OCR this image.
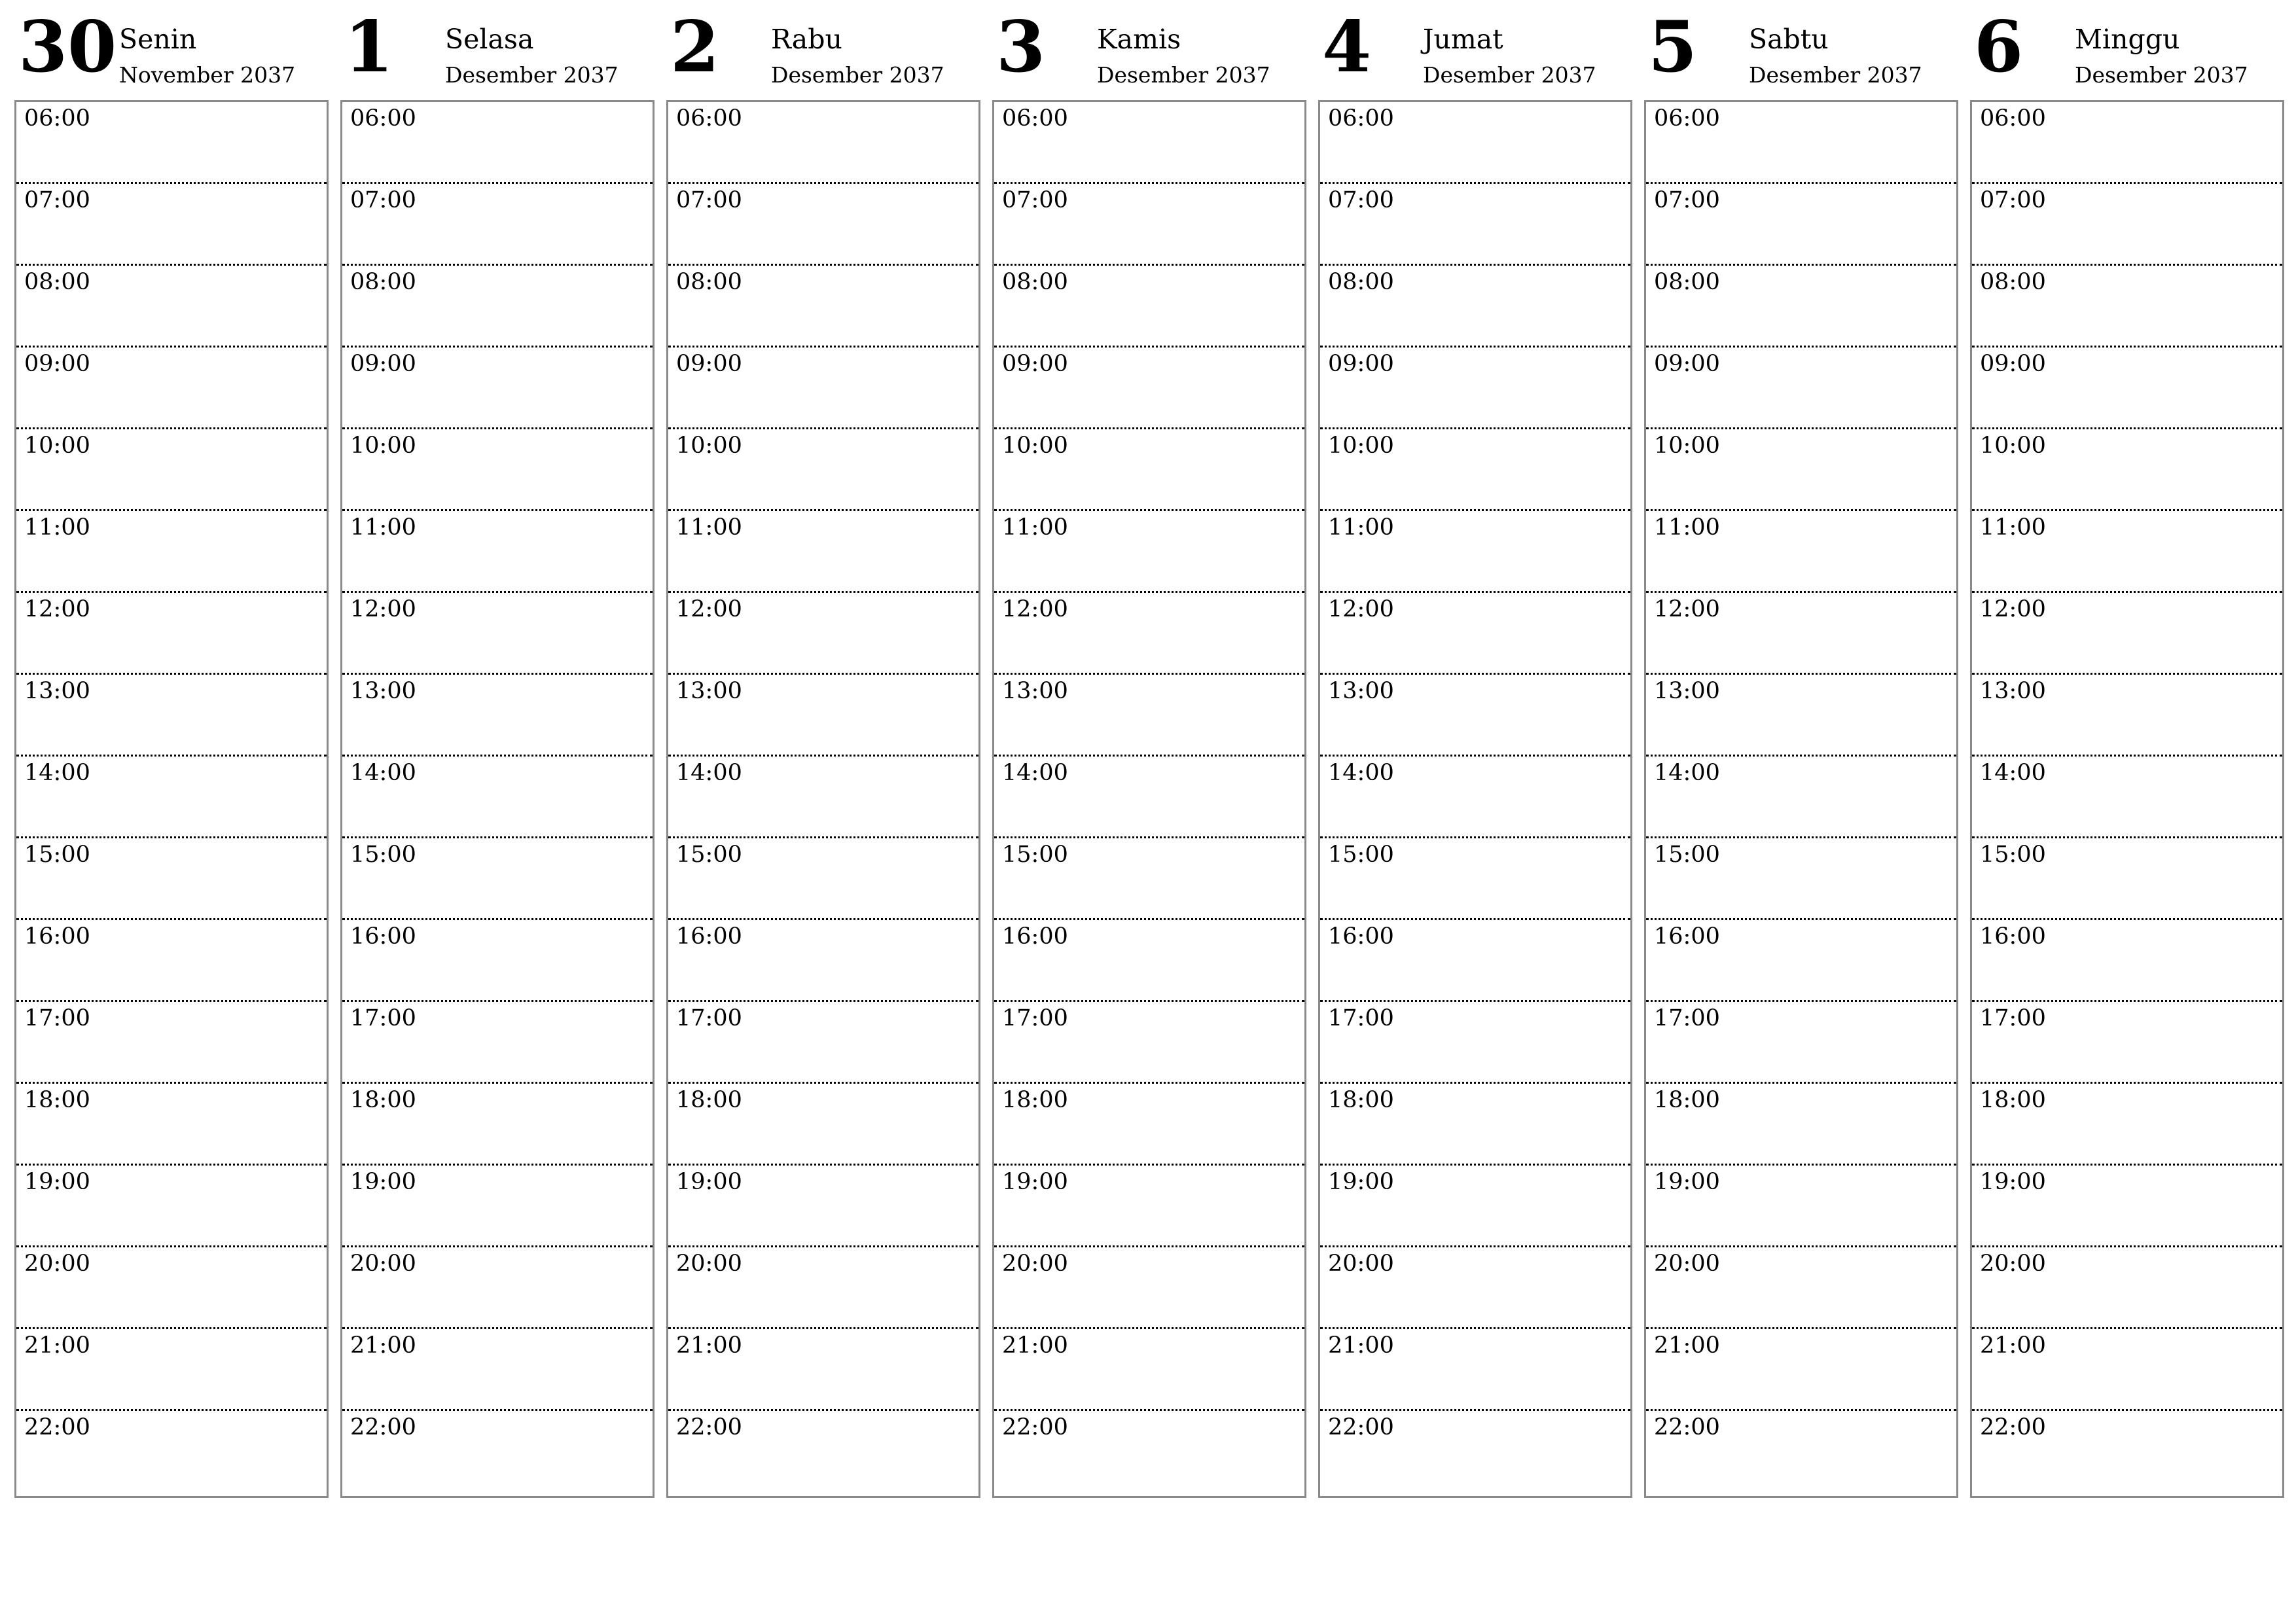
30 Senin
November 2037
06:00
07:00
08:00
09:00
10:00
11:00
12:00
13:00
14:00
15:00
16:00
17:00
18:00
19:00
20:00
21:00
22:00
1 Selasa
Desember 2037
06:00
07:00
08:00
09:00
10:00
11:00
12:00
13:00
14:00
15:00
16:00
17:00
18:00
19:00
20:00
21:00
22:00
2 Rabu
Desember 2037
06:00
07:00
08:00
09:00
10:00
11:00
12:00
13:00
14:00
15:00
16:00
17:00
18:00
19:00
20:00
21:00
22:00
3 Kamis
Desember 2037
06:00
07:00
08:00
09:00
10:00
11:00
12:00
13:00
14:00
15:00
16:00
17:00
18:00
19:00
20:00
21:00
22:00
4 Jumat
Desember 2037
06:00
07:00
08:00
09:00
10:00
11:00
12:00
13:00
14:00
15:00
16:00
17:00
18:00
19:00
20:00
21:00
22:00
5 Sabtu
Desember 2037
06:00
07:00
08:00
09:00
10:00
11:00
12:00
13:00
14:00
15:00
16:00
17:00
18:00
19:00
20:00
21:00
22:00
6 Minggu
Desember 2037
06:00
07:00
08:00
09:00
10:00
11:00
12:00
13:00
14:00
15:00
16:00
17:00
18:00
19:00
20:00
21:00
22:00
